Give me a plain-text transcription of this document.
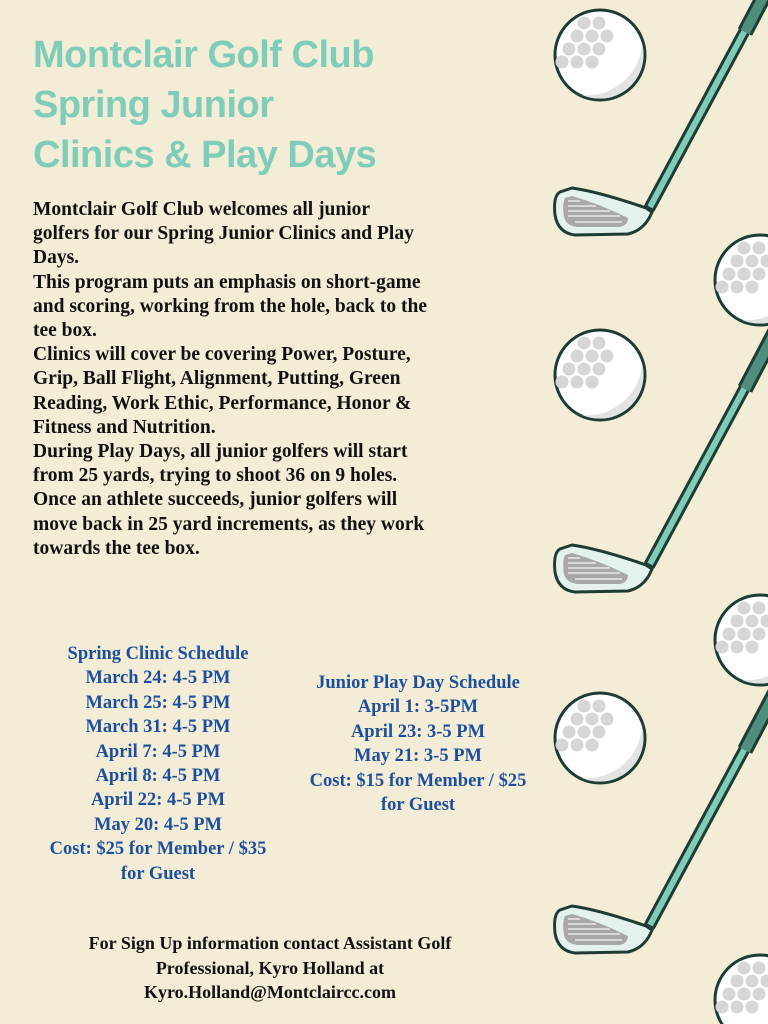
Montclair Golf Club
Spring Junior
Clinics & Play Days
Montclair Golf Club welcomes all junior
golfers for our Spring Junior Clinics and Play
Days.
This program puts an emphasis on short-game
and scoring, working from the hole, back to the
tee box.
Clinics will cover be covering Power, Posture,
Grip, Ball Flight, Alignment, Putting, Green
Reading, Work Ethic, Performance, Honor &
Fitness and Nutrition.
During Play Days, all junior golfers will start
from 25 yards, trying to shoot 36 on 9 holes.
Once an athlete succeeds, junior golfers will
move back in 25 yard increments, as they work
towards the tee box.
Spring Clinic Schedule
March 24: 4-5 PM
March 25: 4-5 PM
March 31: 4-5 PM
April 7: 4-5 PM
April 8: 4-5 PM
April 22: 4-5 PM
May 20: 4-5 PM
Cost: $25 for Member / $35
for Guest
Junior Play Day Schedule
April 1: 3-5PM
April 23: 3-5 PM
May 21: 3-5 PM
Cost: $15 for Member / $25
for Guest
For Sign Up information contact Assistant Golf
Professional, Kyro Holland at
Kyro.Holland@Montclaircc.com
